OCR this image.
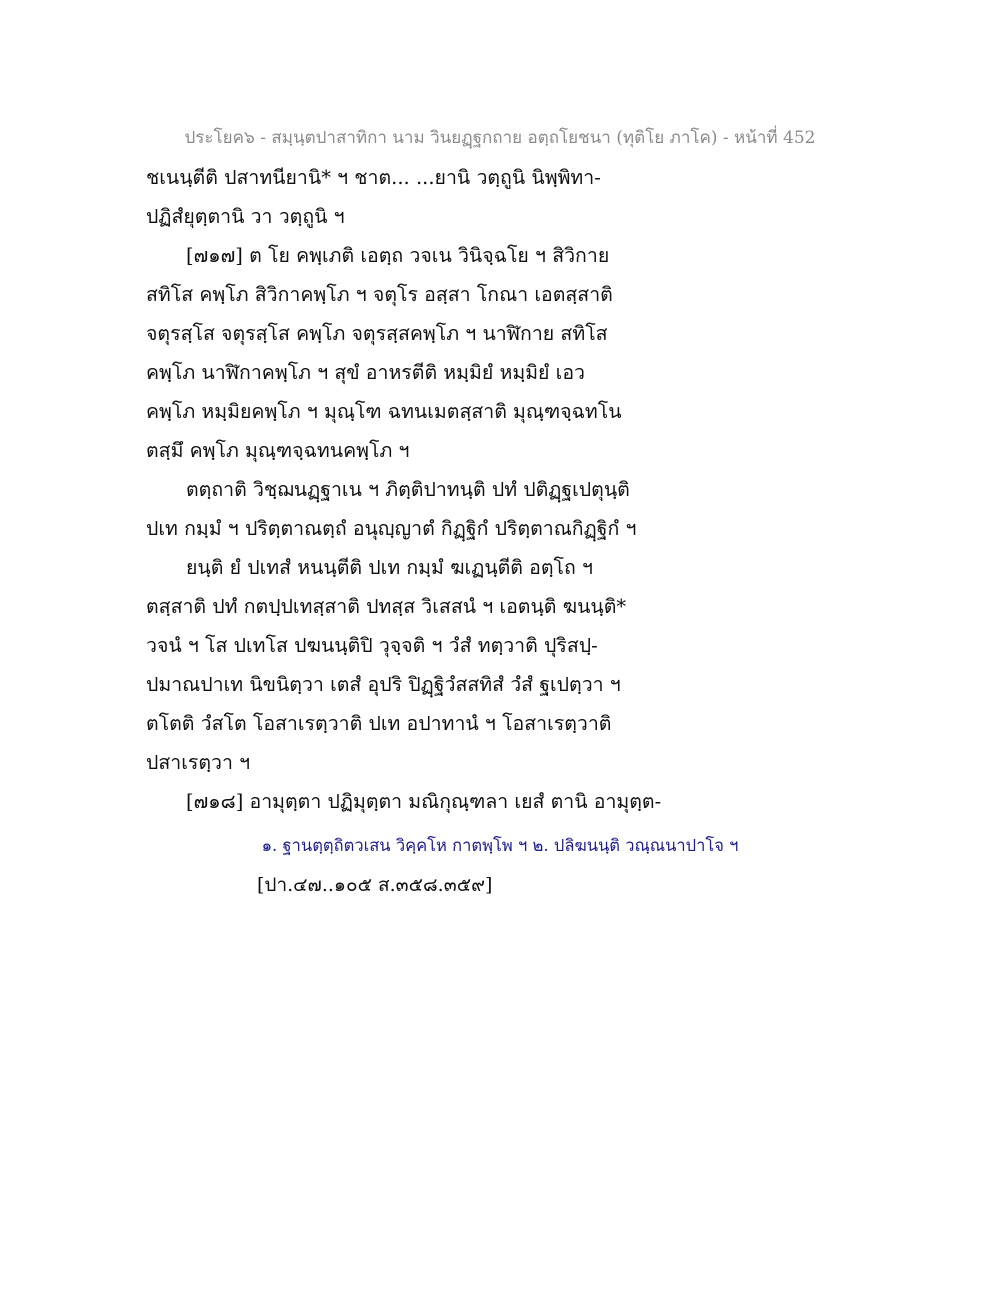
ประโยค๖ - สมฺนฺตปาสาทิกา นาม วินยฏฺฐกถาย อตฺถโยชนา (ทุติโย ภาโค) - หน้าที่ 452
ชเนนฺตีติ ปสาทนียานิ* ฯ ชาต... ...ยานิ วตฺถูนิ นิพฺพิทา-
ปฏิสํยุตฺตานิ วา วตฺถูนิ ฯ
[๗๑๗] ต โย คพฺเภติ เอตฺถ วจเน วินิจฺฉโย ฯ สิวิกาย
สทิโส คพฺโภ สิวิกาคพฺโภ ฯ จตุโร อสฺสา โกณา เอตสฺสาติ
จตุรสฺโส จตุรสฺโส คพฺโภ จตุรสฺสคพฺโภ ฯ นาฬิกาย สทิโส
คพฺโภ นาฬิกาคพฺโภ ฯ สุขํ อาหรตีติ หมฺมิยํ หมฺมิยํ เอว
คพฺโภ หมฺมิยคพฺโภ ฯ มุณฺโฑ ฉทนเมตสฺสาติ มุณฺฑจฺฉทโน
ตสฺมึ คพฺโภ มุณฺฑจฺฉทนคพฺโภ ฯ
ตตฺถาติ วิชฺฌนฏฺฐาเน ฯ ภิตฺติปาทนฺติ ปทํ ปติฏฺฐเปตุนฺติ
ปเท กมฺมํ ฯ ปริตฺตาณตฺถํ อนุญฺญาตํ กิฏฺฐิกํ ปริตฺตาณกิฏฺฐิกํ ฯ
ยนฺติ ยํ ปเทสํ หนนฺตีติ ปเท กมฺมํ ฆเฏนฺตีติ อตฺโถ ฯ
ตสฺสาติ ปทํ กตปฺปเทสฺสาติ ปทสฺส วิเสสนํ ฯ เอตนฺติ ฆนนฺติ*
วจนํ ฯ โส ปเทโส ปฆนนฺติปิ วุจฺจติ ฯ วํสํ ทตฺวาติ ปุริสปฺ-
ปมาณปาเท นิขนิตฺวา เตสํ อุปริ ปิฏฺฐิวํสสทิสํ วํสํ ฐเปตฺวา ฯ
ตโตติ วํสโต โอสาเรตฺวาติ ปเท อปาทานํ ฯ โอสาเรตฺวาติ
ปสาเรตฺวา ฯ
[๗๑๘] อามุตฺตา ปฏิมุตฺตา มณิกุณฺฑลา เยสํ ตานิ อามุตฺต-
๑. ฐานตฺตฺถิตวเสน วิคฺคโห กาตพฺโพ ฯ ๒. ปลิฆนนฺติ วณฺณนาปาโจ ฯ
[ปา.๔๗..๑๐๕ ส.๓๕๘.๓๕๙]
